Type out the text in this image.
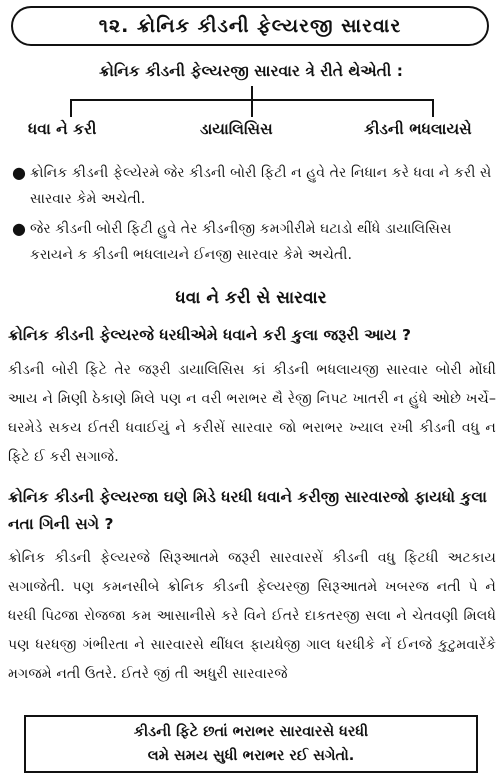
૧૨. ક્રોનિક કીડની ફેલ્યરજી સારવાર
ક્રોનિક કીડની ફેલ્યરજી સારવાર ત્રે રીતે થેએતી :
ધવા ને કરી	ડાયાલિસિસ	કીડની ભધલાયસે
● ક્રોનિક કીડની ફેલ્યેરમે જેર કીડની બોરી ફિટી ન હુવે તેર નિધાન કરે ધવા ને કરી સે સારવાર કેમે અચેતી.
● જેર કીડની બોરી ફિટી હુવે તેર કીડનીજી કમગીરીમે ઘટાડો થીંધે ડાયાલિસિસ કરાયને ક કીડની ભધલાયને ઈનજી સારવાર કેમે અચેતી.
ધવા ને કરી સે સારવાર
ક્રોનિક કીડની ફેલ્યરજે ધરધીએમે ધવાને કરી કુલા જરૂરી આય ?
કીડની બોરી ફિટે તેર જરૂરી ડાયાલિસિસ કાં કીડની ભધલાયજી સારવાર બોરી મોંઘી આય ને મિણી ઠેકાણે મિલે પણ ન વરી ભરાભર થૈ રેજી નિપટ ખાતરી ન હુંધે ઓછે ખર્ચે–ઘરમેડે સકય ઈતરી ધવાઈયું ને કરીસેં સારવાર જો ભરાભર ખ્યાલ રખી કીડની વધુ ન ફિટે ઈ કરી સગાજે.
ક્રોનિક કીડની ફેલ્યરજા ઘણે મિડે ધરધી ધવાને કરીજી સારવારજો ફાયધો કુલા નતા ગિની સગે ?
ક્રોનિક કીડની ફેલ્યરજે સિરૂઆતમે જરૂરી સારવારસેં કીડની વધુ ફિટધી અટકાય સગાજેતી. પણ કમનસીબે ક્રોનિક કીડની ફેલ્યરજી સિરૂઆતમે ખબરજ નતી પે ને ધરધી પિઢજા રોજજા કમ આસાનીસે કરે વિને ઈતરે દાકતરજી સલા ને ચેતવણી મિલધે પણ ધરધજી ગંભીરતા ને સારવારસે થીંધલ ફાયધેજી ગાલ ધરધીકે નેં ઈનજે કુટુમવારેંકે મગજમે નતી ઉતરે. ઈતરે જીં તી અધુરી સારવારજે
કીડની ફિટે છતાં ભરાભર સારવારસે ધરધી
લમે સમય સુધી ભરાભર રઈ સગેતો.
